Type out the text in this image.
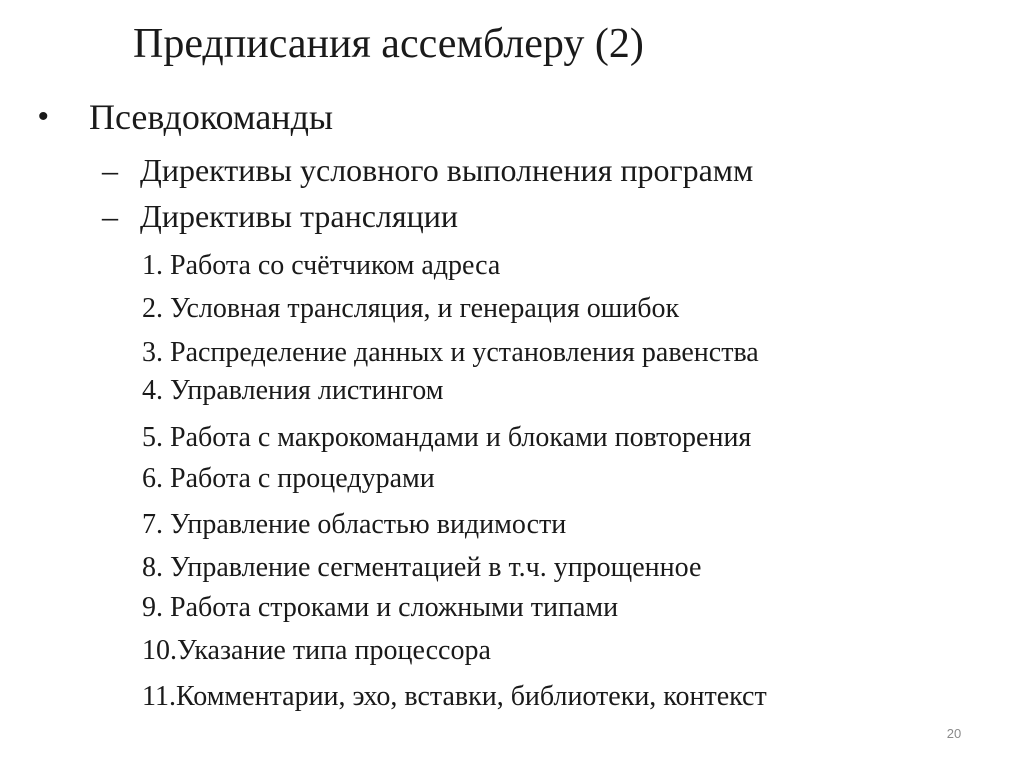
Предписания ассемблеру (2)
• Псевдокоманды
– Директивы условного выполнения программ
– Директивы трансляции
1. Работа со счётчиком адреса
2. Условная трансляция, и генерация ошибок
3. Распределение данных и установления равенства
4. Управления листингом
5. Работа с макрокомандами и блоками повторения
6. Работа с процедурами
7. Управление областью видимости
8. Управление сегментацией в т.ч. упрощенное
9. Работа строками и сложными типами
10.Указание типа процессора
11.Комментарии, эхо, вставки, библиотеки, контекст
20
